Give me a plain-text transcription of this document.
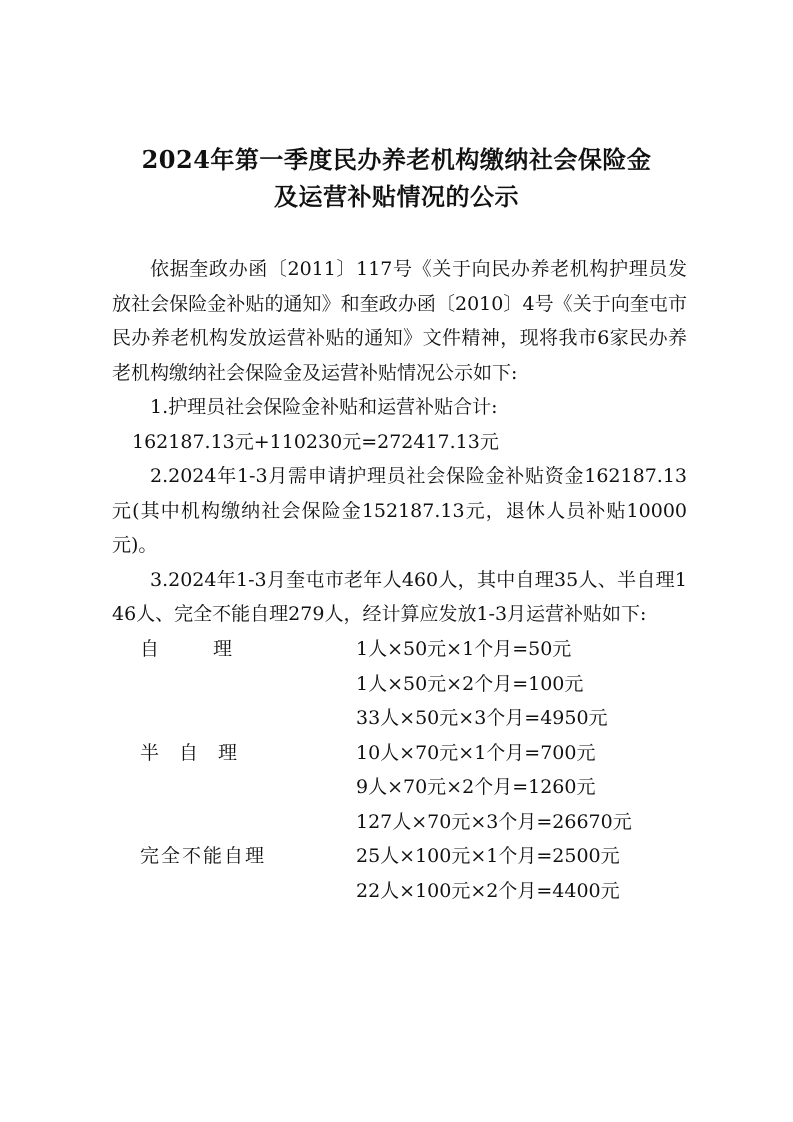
2024年第一季度民办养老机构缴纳社会保险金
及运营补贴情况的公示

依据奎政办函〔2011〕117号《关于向民办养老机构护理员发放社会保险金补贴的通知》和奎政办函〔2010〕4号《关于向奎屯市民办养老机构发放运营补贴的通知》文件精神，现将我市6家民办养老机构缴纳社会保险金及运营补贴情况公示如下:

1.护理员社会保险金补贴和运营补贴合计:

162187.13元+110230元=272417.13元

2.2024年1-3月需申请护理员社会保险金补贴资金162187.13元(其中机构缴纳社会保险金152187.13元，退休人员补贴10000元)。

3.2024年1-3月奎屯市老年人460人，其中自理35人、半自理146人、完全不能自理279人，经计算应发放1-3月运营补贴如下:

自理	1人×50元×1个月=50元
1人×50元×2个月=100元
33人×50元×3个月=4950元
半自理	10人×70元×1个月=700元
9人×70元×2个月=1260元
127人×70元×3个月=26670元
完全不能自理	25人×100元×1个月=2500元
22人×100元×2个月=4400元
